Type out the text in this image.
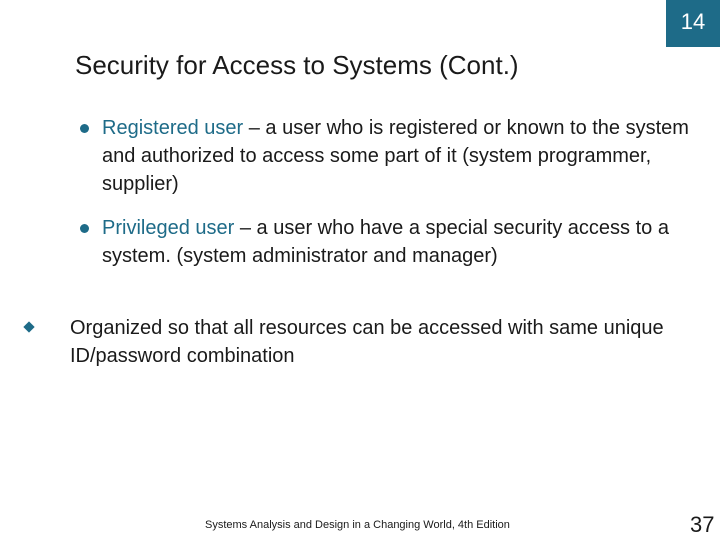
14
Security for Access to Systems (Cont.)
Registered user – a user who is registered or known to the system and authorized to access some part of it (system programmer, supplier)
Privileged user – a user who have a special security access to a system. (system administrator and manager)
Organized so that all resources can be accessed with same unique ID/password combination
Systems Analysis and Design in a Changing World, 4th Edition	37
